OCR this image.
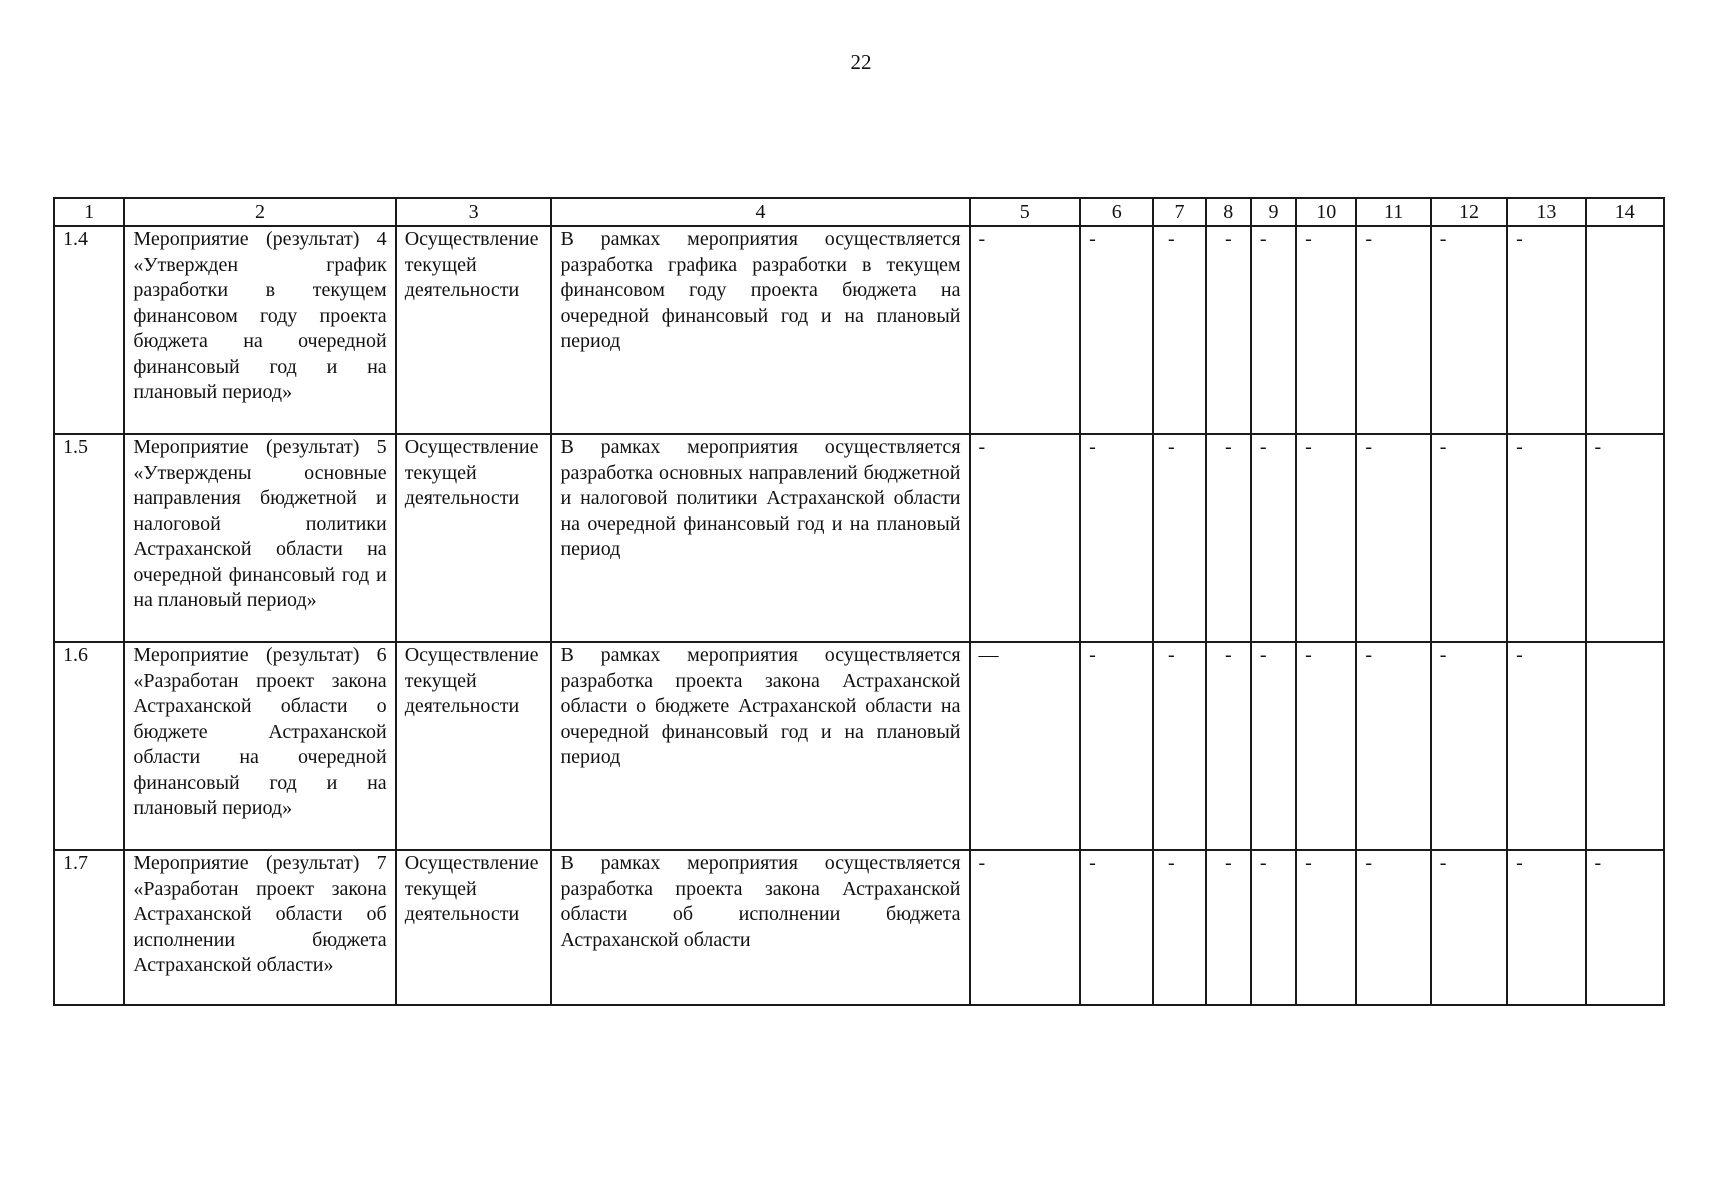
22
1	2	3	4	5	6	7	8	9	10	11	12	13	14
1.4	Мероприятие (результат) 4 «Утвержден график разработки в текущем финансовом году проекта бюджета на очередной финансовый год и на плановый период»	Осуществление текущей деятельности	В рамках мероприятия осуществляется разработка графика разработки в текущем финансовом году проекта бюджета на очередной финансовый год и на плановый период	-	-	-	-	-	-	-	-	-	
1.5	Мероприятие (результат) 5 «Утверждены основные направления бюджетной и налоговой политики Астраханской области на очередной финансовый год и на плановый период»	Осуществление текущей деятельности	В рамках мероприятия осуществляется разработка основных направлений бюджетной и налоговой политики Астраханской области на очередной финансовый год и на плановый период	-	-	-	-	-	-	-	-	-	-
1.6	Мероприятие (результат) 6 «Разработан проект закона Астраханской области о бюджете Астраханской области на очередной финансовый год и на плановый период»	Осуществление текущей деятельности	В рамках мероприятия осуществляется разработка проекта закона Астраханской области о бюджете Астраханской области на очередной финансовый год и на плановый период	—	-	-	-	-	-	-	-	-	
1.7	Мероприятие (результат) 7 «Разработан проект закона Астраханской области об исполнении бюджета Астраханской области»	Осуществление текущей деятельности	В рамках мероприятия осуществляется разработка проекта закона Астраханской области об исполнении бюджета Астраханской области	-	-	-	-	-	-	-	-	-	-
